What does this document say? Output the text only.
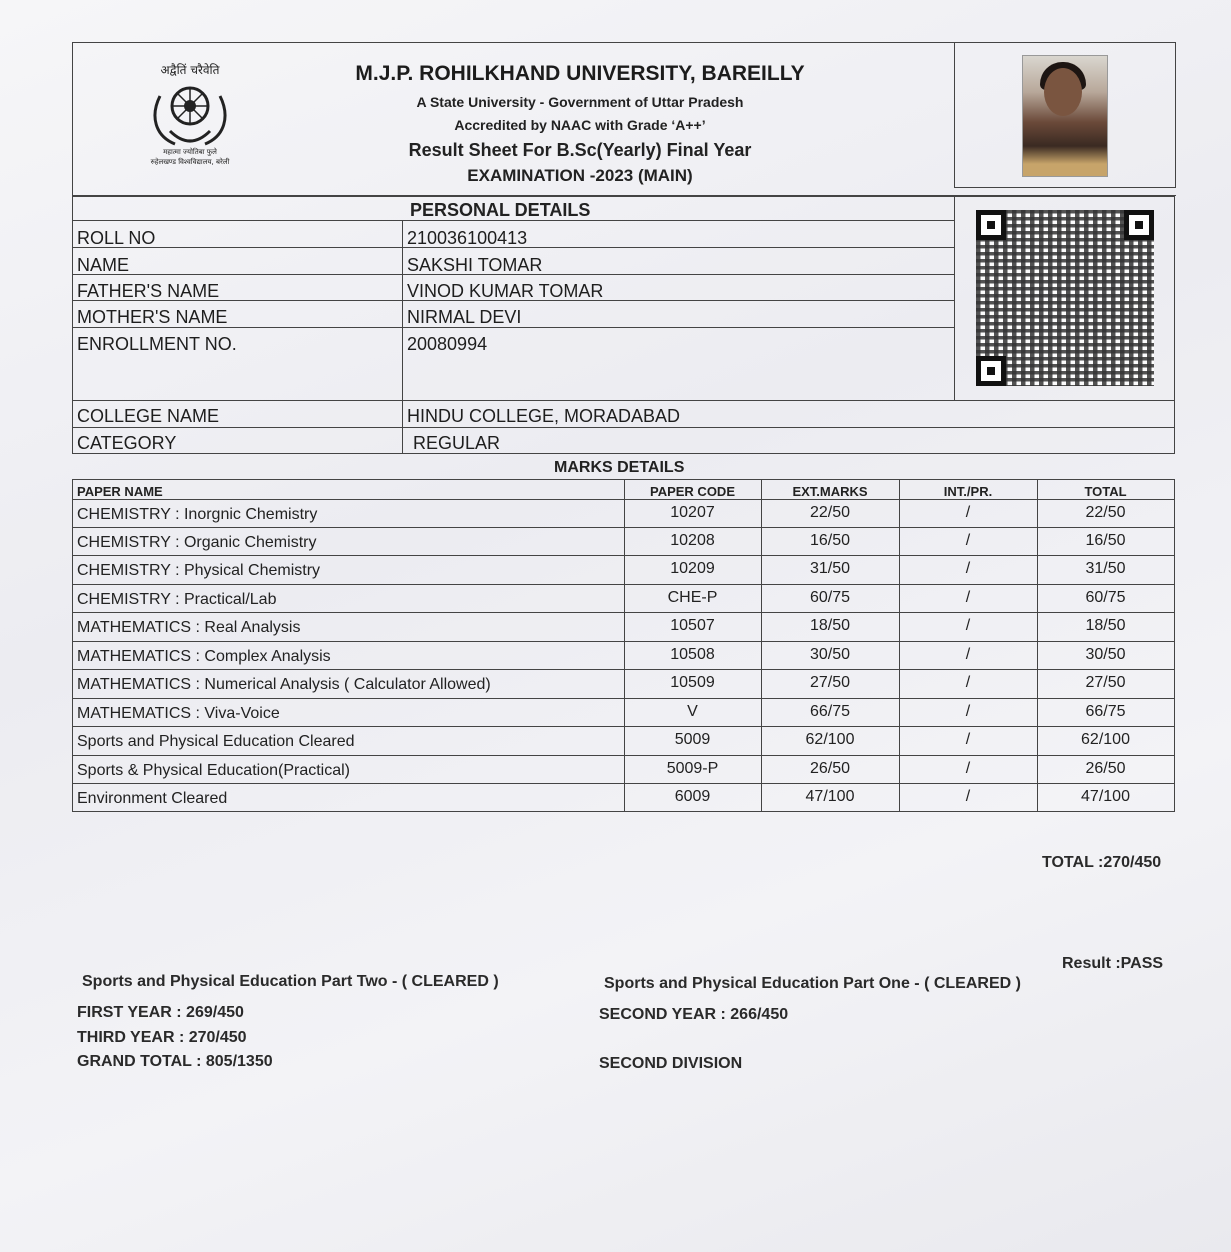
अद्वैतिं चरैवेति
महात्मा ज्योतिबा फुले
रुहेलखण्ड विश्वविद्यालय, बरेली
M.J.P. ROHILKHAND UNIVERSITY, BAREILLY
A State University - Government of Uttar Pradesh
Accredited by NAAC with Grade ‘A++’
Result Sheet For B.Sc(Yearly) Final Year
EXAMINATION -2023 (MAIN)
PERSONAL DETAILS
ROLL NO	210036100413
NAME	SAKSHI TOMAR
FATHER'S NAME	VINOD KUMAR TOMAR
MOTHER'S NAME	NIRMAL DEVI
ENROLLMENT NO.	20080994
COLLEGE NAME	HINDU COLLEGE, MORADABAD
CATEGORY	REGULAR
MARKS DETAILS
PAPER NAME	PAPER CODE	EXT.MARKS	INT./PR.	TOTAL
CHEMISTRY : Inorgnic Chemistry	10207	22/50	/	22/50
CHEMISTRY : Organic Chemistry	10208	16/50	/	16/50
CHEMISTRY : Physical Chemistry	10209	31/50	/	31/50
CHEMISTRY : Practical/Lab	CHE-P	60/75	/	60/75
MATHEMATICS : Real Analysis	10507	18/50	/	18/50
MATHEMATICS : Complex Analysis	10508	30/50	/	30/50
MATHEMATICS : Numerical Analysis ( Calculator Allowed)	10509	27/50	/	27/50
MATHEMATICS : Viva-Voice	V	66/75	/	66/75
Sports and Physical Education Cleared	5009	62/100	/	62/100
Sports & Physical Education(Practical)	5009-P	26/50	/	26/50
Environment Cleared	6009	47/100	/	47/100
TOTAL :270/450
Result :PASS
Sports and Physical Education Part Two - ( CLEARED )	Sports and Physical Education Part One - ( CLEARED )
FIRST YEAR : 269/450	SECOND YEAR : 266/450
THIRD YEAR : 270/450
GRAND TOTAL : 805/1350	SECOND DIVISION
